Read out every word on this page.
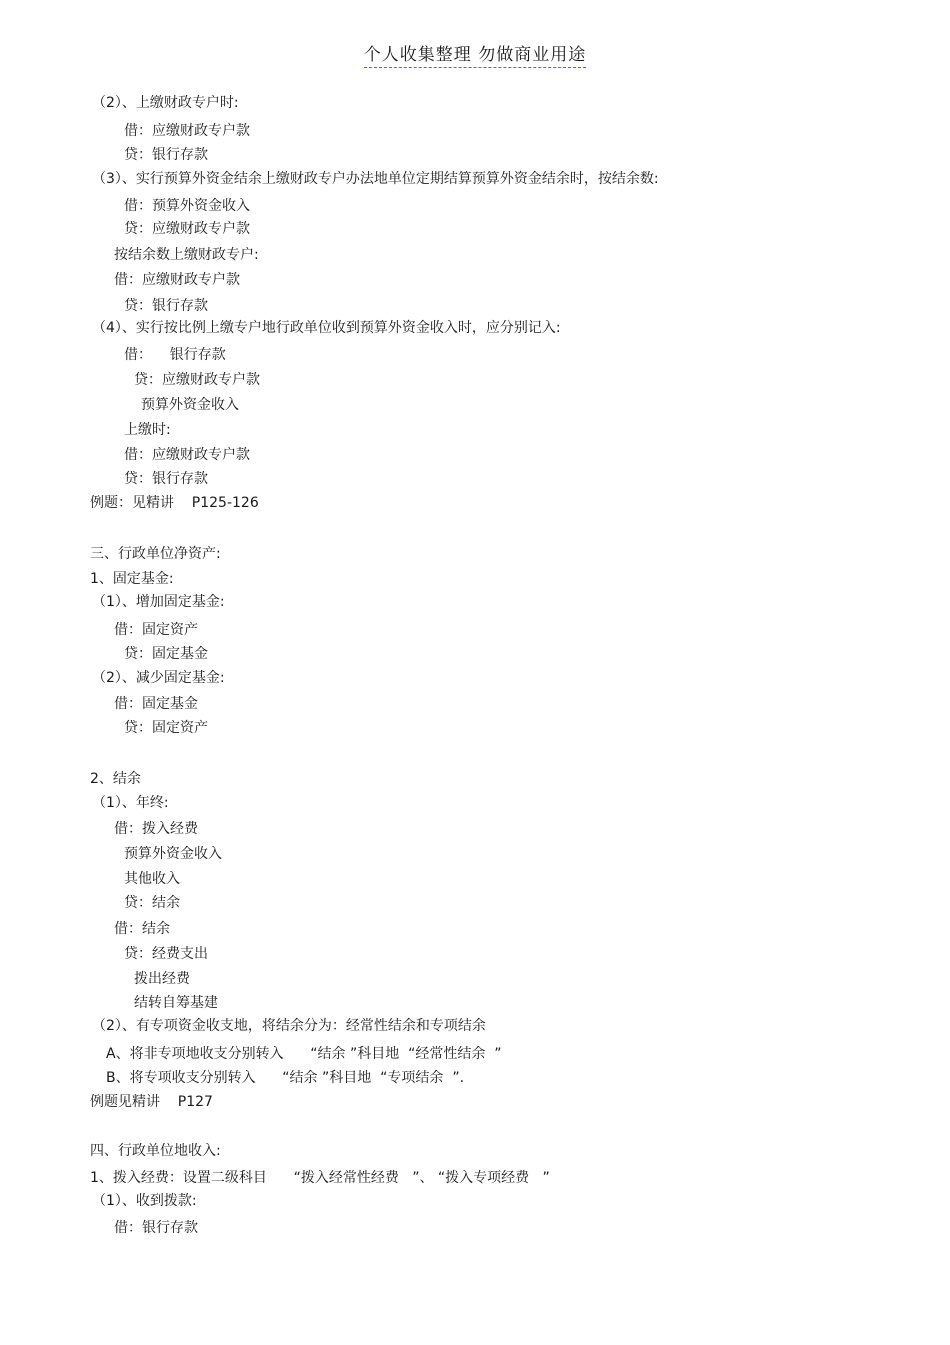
个人收集整理 勿做商业用途
（2）、上缴财政专户时:
借：应缴财政专户款
贷：银行存款
（3）、实行预算外资金结余上缴财政专户办法地单位定期结算预算外资金结余时，按结余数:
借：预算外资金收入
贷：应缴财政专户款
按结余数上缴财政专户:
借：应缴财政专户款
贷：银行存款
（4）、实行按比例上缴专户地行政单位收到预算外资金收入时，应分别记入:
借：    银行存款
贷：应缴财政专户款
预算外资金收入
上缴时:
借：应缴财政专户款
贷：银行存款
例题：见精讲    P125-126
三、行政单位净资产:
1、固定基金:
（1）、增加固定基金:
借：固定资产
贷：固定基金
（2）、减少固定基金:
借：固定基金
贷：固定资产
2、结余
（1）、年终:
借：拨入经费
预算外资金收入
其他收入
贷：结余
借：结余
贷：经费支出
拨出经费
结转自筹基建
（2）、有专项资金收支地，将结余分为：经常性结余和专项结余
A、将非专项地收支分别转入      “结余 ”科目地  “经常性结余  ”
B、将专项收支分别转入      “结余 ”科目地  “专项结余  ”.
例题见精讲    P127
四、行政单位地收入:
1、拨入经费：设置二级科目      “拨入经常性经费   ”、 “拨入专项经费   ”
（1）、收到拨款:
借：银行存款
